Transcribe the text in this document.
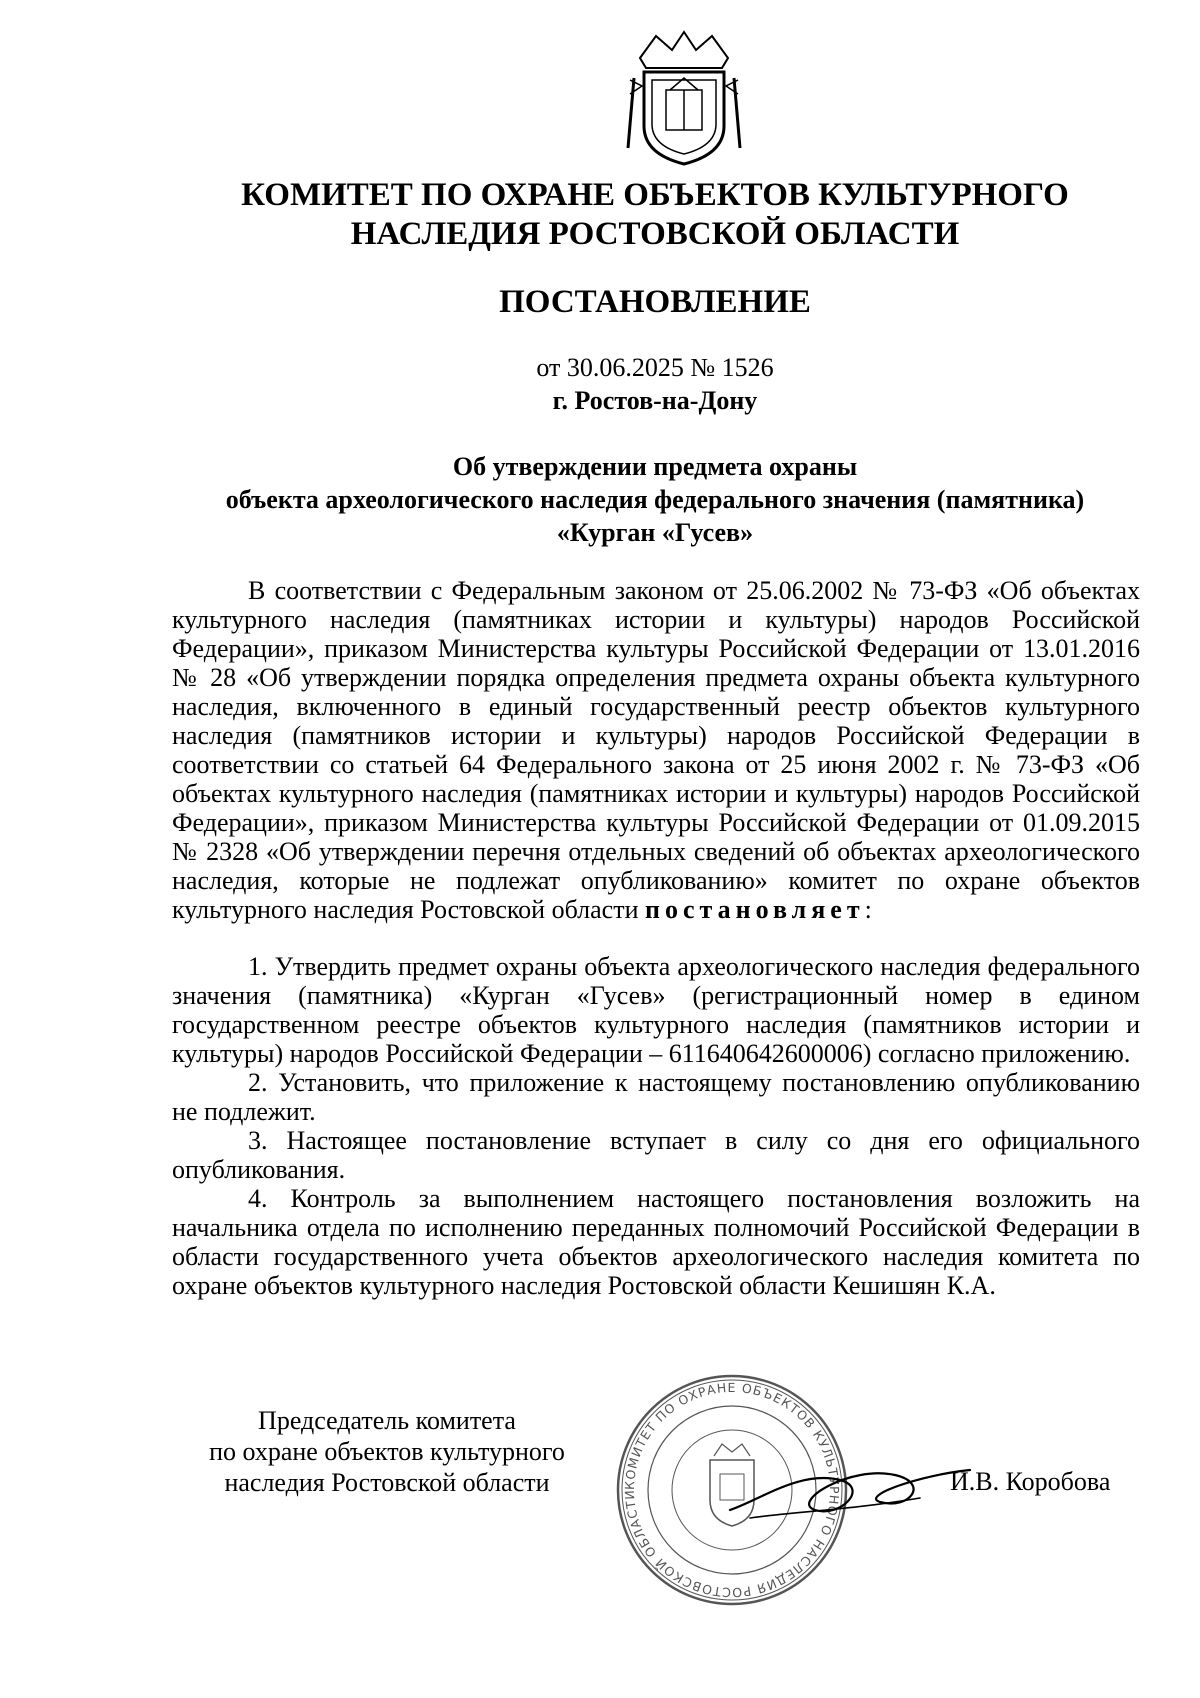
КОМИТЕТ ПО ОХРАНЕ ОБЪЕКТОВ КУЛЬТУРНОГО
НАСЛЕДИЯ РОСТОВСКОЙ ОБЛАСТИ
ПОСТАНОВЛЕНИЕ
от 30.06.2025 № 1526
г. Ростов-на-Дону
Об утверждении предмета охраны
объекта археологического наследия федерального значения (памятника)
«Курган «Гусев»

В соответствии с Федеральным законом от 25.06.2002 № 73-ФЗ «Об объектах культурного наследия (памятниках истории и культуры) народов Российской Федерации», приказом Министерства культуры Российской Федерации от 13.01.2016 № 28 «Об утверждении порядка определения предмета охраны объекта культурного наследия, включенного в единый государственный реестр объектов культурного наследия (памятников истории и культуры) народов Российской Федерации в соответствии со статьей 64 Федерального закона от 25 июня 2002 г. № 73-ФЗ «Об объектах культурного наследия (памятниках истории и культуры) народов Российской Федерации», приказом Министерства культуры Российской Федерации от 01.09.2015 № 2328 «Об утверждении перечня отдельных сведений об объектах археологического наследия, которые не подлежат опубликованию» комитет по охране объектов культурного наследия Ростовской области постановляет:

1. Утвердить предмет охраны объекта археологического наследия федерального значения (памятника) «Курган «Гусев» (регистрационный номер в едином государственном реестре объектов культурного наследия (памятников истории и культуры) народов Российской Федерации – 611640642600006) согласно приложению.

2. Установить, что приложение к настоящему постановлению опубликованию не подлежит.

3. Настоящее постановление вступает в силу со дня его официального опубликования.

4. Контроль за выполнением настоящего постановления возложить на начальника отдела по исполнению переданных полномочий Российской Федерации в области государственного учета объектов археологического наследия комитета по охране объектов культурного наследия Ростовской области Кешишян К.А.

Председатель комитета
по охране объектов культурного
наследия Ростовской области	КОМИТЕТ ПО ОХРАНЕ ОБЪЕКТОВ КУЛЬТУРНОГО НАСЛЕДИЯ РОСТОВСКОЙ ОБЛАСТИ	И.В. Коробова
